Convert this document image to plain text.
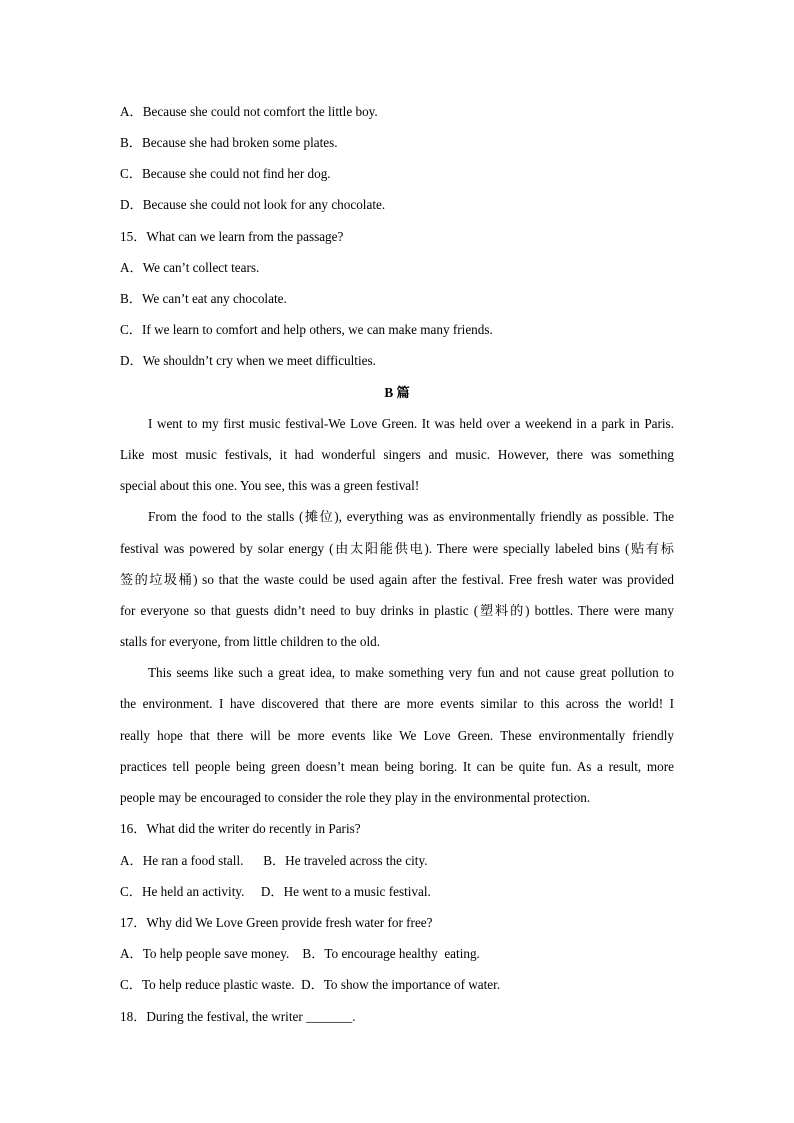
A．Because she could not comfort the little boy.
B．Because she had broken some plates.
C．Because she could not find her dog.
D．Because she could not look for any chocolate.
15．What can we learn from the passage?
A．We can’t collect tears.
B．We can’t eat any chocolate.
C．If we learn to comfort and help others, we can make many friends.
D．We shouldn’t cry when we meet difficulties.
B 篇
I went to my first music festival-We Love Green. It was held over a weekend in a park in Paris.
Like most music festivals, it had wonderful singers and music. However, there was something
special about this one. You see, this was a green festival!
From the food to the stalls (摊位), everything was as environmentally friendly as possible. The
festival was powered by solar energy (由太阳能供电). There were specially labeled bins (贴有标
签的垃圾桶) so that the waste could be used again after the festival. Free fresh water was provided
for everyone so that guests didn’t need to buy drinks in plastic (塑料的) bottles. There were many
stalls for everyone, from little children to the old.
This seems like such a great idea, to make something very fun and not cause great pollution to
the environment. I have discovered that there are more events similar to this across the world! I
really hope that there will be more events like We Love Green. These environmentally friendly
practices tell people being green doesn’t mean being boring. It can be quite fun. As a result, more
people may be encouraged to consider the role they play in the environmental protection.
16．What did the writer do recently in Paris?
A．He ran a food stall.      B．He traveled across the city.
C．He held an activity.     D．He went to a music festival.
17．Why did We Love Green provide fresh water for free?
A．To help people save money.    B．To encourage healthy  eating.
C．To help reduce plastic waste.  D．To show the importance of water.
18．During the festival, the writer _______.
